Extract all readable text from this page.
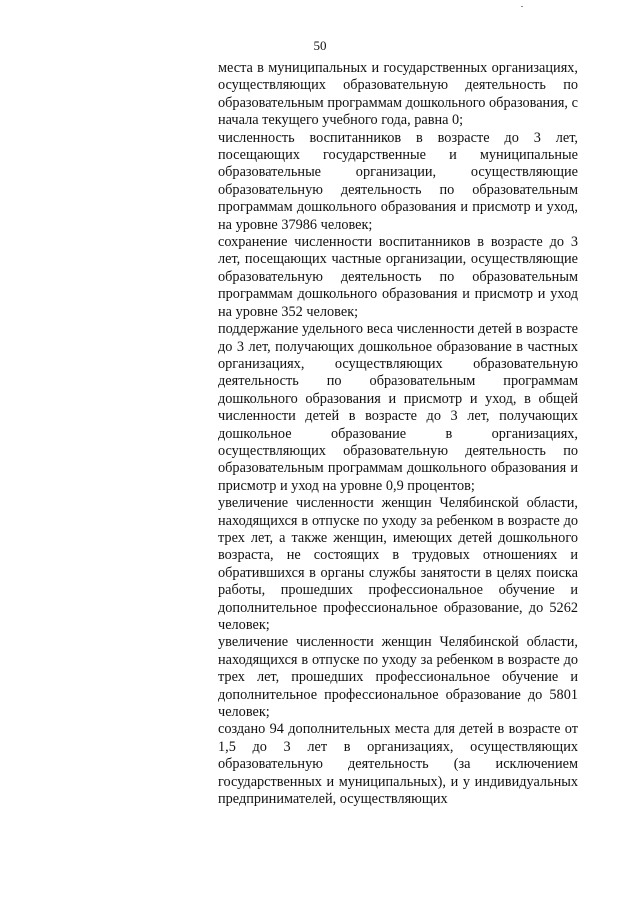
50

места в муниципальных и государственных организациях, осуществляющих образовательную деятельность по образовательным программам дошкольного образования, с начала текущего учебного года, равна 0;

численность воспитанников в возрасте до 3 лет, посещающих государственные и муниципальные образовательные организации, осуществляющие образовательную деятельность по образовательным программам дошкольного образования и присмотр и уход, на уровне 37986 человек;

сохранение численности воспитанников в возрасте до 3 лет, посещающих частные организации, осуществляющие образовательную деятельность по образовательным программам дошкольного образования и присмотр и уход на уровне 352 человек;

поддержание удельного веса численности детей в возрасте до 3 лет, получающих дошкольное образование в частных организациях, осуществляющих образовательную деятельность по образовательным программам дошкольного образования и присмотр и уход, в общей численности детей в возрасте до 3 лет, получающих дошкольное образование в организациях, осуществляющих образовательную деятельность по образовательным программам дошкольного образования и присмотр и уход на уровне 0,9 процентов;

увеличение численности женщин Челябинской области, находящихся в отпуске по уходу за ребенком в возрасте до трех лет, а также женщин, имеющих детей дошкольного возраста, не состоящих в трудовых отношениях и обратившихся в органы службы занятости в целях поиска работы, прошедших профессиональное обучение и дополнительное профессиональное образование, до 5262 человек;

увеличение численности женщин Челябинской области, находящихся в отпуске по уходу за ребенком в возрасте до трех лет, прошедших профессиональное обучение и дополнительное профессиональное образование до 5801 человек;

создано 94 дополнительных места для детей в возрасте от 1,5 до 3 лет в организациях, осуществляющих образовательную деятельность (за исключением государственных и муниципальных), и у индивидуальных предпринимателей, осуществляющих
